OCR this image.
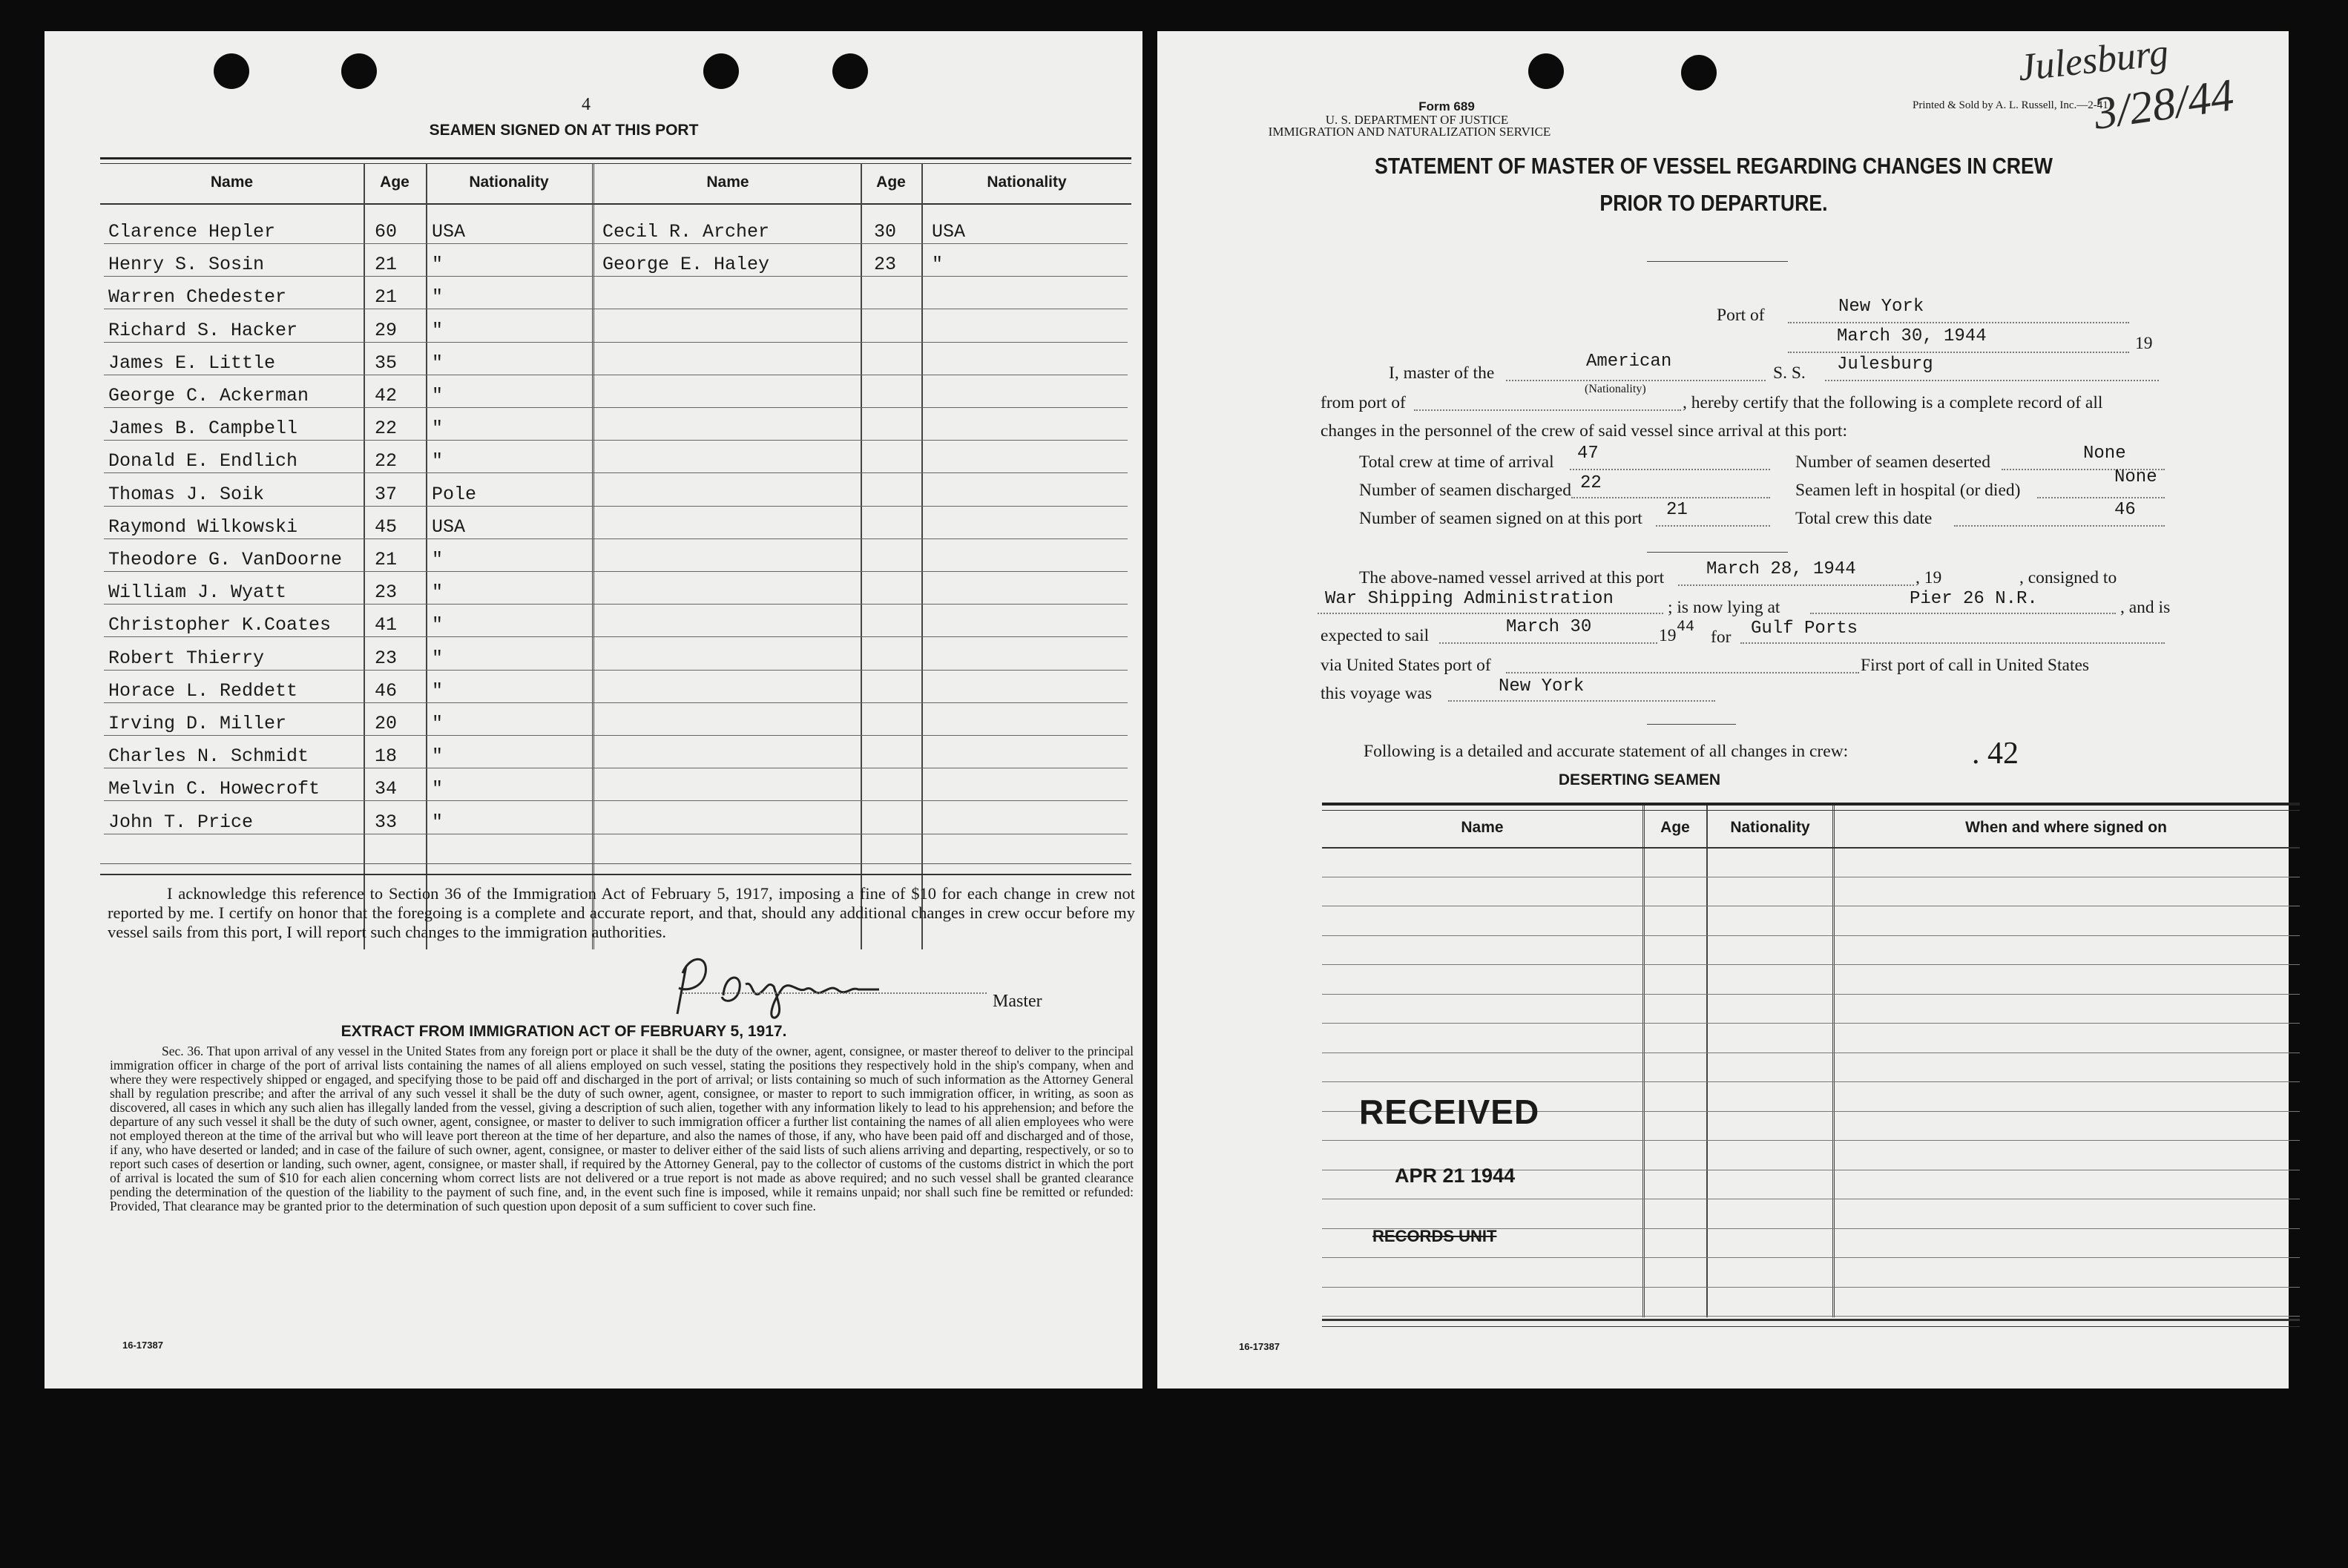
4
SEAMEN SIGNED ON AT THIS PORT
Name	Age	Nationality	Name	Age	Nationality
Clarence Hepler	60 USA	Cecil R. Archer	30 USA
Henry S. Sosin	21 "	George E. Haley	23 "
Warren Chedester	21 "
Richard S. Hacker	29 "
James E. Little	35 "
George C. Ackerman	42 "
James B. Campbell	22 "
Donald E. Endlich	22 "
Thomas J. Soik	37 Pole
Raymond Wilkowski	45 USA
Theodore G. VanDoorne 21 "
William J. Wyatt	23 "
Christopher K.Coates 41 "
Robert Thierry	23 "
Horace L. Reddett	46 "
Irving D. Miller	20 "
Charles N. Schmidt	18 "
Melvin C. Howecroft	34 "
John T. Price	33 "
I acknowledge this reference to Section 36 of the Immigration Act of February 5, 1917, imposing a fine of $10 for each change in crew not reported by me. I certify on honor that the foregoing is a complete and accurate report, and that, should any additional changes in crew occur before my vessel sails from this port, I will report such changes to the immigration authorities.
Master
EXTRACT FROM IMMIGRATION ACT OF FEBRUARY 5, 1917.
Sec. 36. That upon arrival of any vessel in the United States from any foreign port or place it shall be the duty of the owner, agent, consignee, or master thereof to deliver to the principal immigration officer in charge of the port of arrival lists containing the names of all aliens employed on such vessel, stating the positions they respectively hold in the ship's company, when and where they were respectively shipped or engaged, and specifying those to be paid off and discharged in the port of arrival; or lists containing so much of such information as the Attorney General shall by regulation prescribe; and after the arrival of any such vessel it shall be the duty of such owner, agent, consignee, or master to report to such immigration officer, in writing, as soon as discovered, all cases in which any such alien has illegally landed from the vessel, giving a description of such alien, together with any information likely to lead to his apprehension; and before the departure of any such vessel it shall be the duty of such owner, agent, consignee, or master to deliver to such immigration officer a further list containing the names of all alien employees who were not employed thereon at the time of the arrival but who will leave port thereon at the time of her departure, and also the names of those, if any, who have been paid off and discharged and of those, if any, who have deserted or landed; and in case of the failure of such owner, agent, consignee, or master to deliver either of the said lists of such aliens arriving and departing, respectively, or so to report such cases of desertion or landing, such owner, agent, consignee, or master shall, if required by the Attorney General, pay to the collector of customs of the customs district in which the port of arrival is located the sum of $10 for each alien concerning whom correct lists are not delivered or a true report is not made as above required; and no such vessel shall be granted clearance pending the determination of the question of the liability to the payment of such fine, and, in the event such fine is imposed, while it remains unpaid; nor shall such fine be remitted or refunded: Provided, That clearance may be granted prior to the determination of such question upon deposit of a sum sufficient to cover such fine.
16-17387
Form 689
U. S. DEPARTMENT OF JUSTICE
IMMIGRATION AND NATURALIZATION SERVICE
Printed & Sold by A. L. Russell, Inc.—2-41
Julesburg
3/28/44
STATEMENT OF MASTER OF VESSEL REGARDING CHANGES IN CREW
PRIOR TO DEPARTURE.
Port of	New York
March 30, 1944	19
I, master of the
American
(Nationality)
S. S. Julesburg
from port of	, hereby certify that the following is a complete record of all
changes in the personnel of the crew of said vessel since arrival at this port:
Total crew at time of arrival 47	Number of seamen deserted	None
Number of seamen discharged 22	Seamen left in hospital (or died)
None
Number of seamen signed on at this port 21	Total crew this date	46
The above-named vessel arrived at this port March 28, 1944	, 19	, consigned to
War Shipping Administration	; is now lying at	Pier 26 N.R.	, and is
expected to sail	March 30	19 44
for Gulf Ports
via United States port of	First port of call in United States
this voyage was	New York
Following is a detailed and accurate statement of all changes in crew:	. 42
DESERTING SEAMEN
Name	Age	Nationality	When and where signed on
RECEIVED
APR 21 1944
RECORDS UNIT
16-17387
